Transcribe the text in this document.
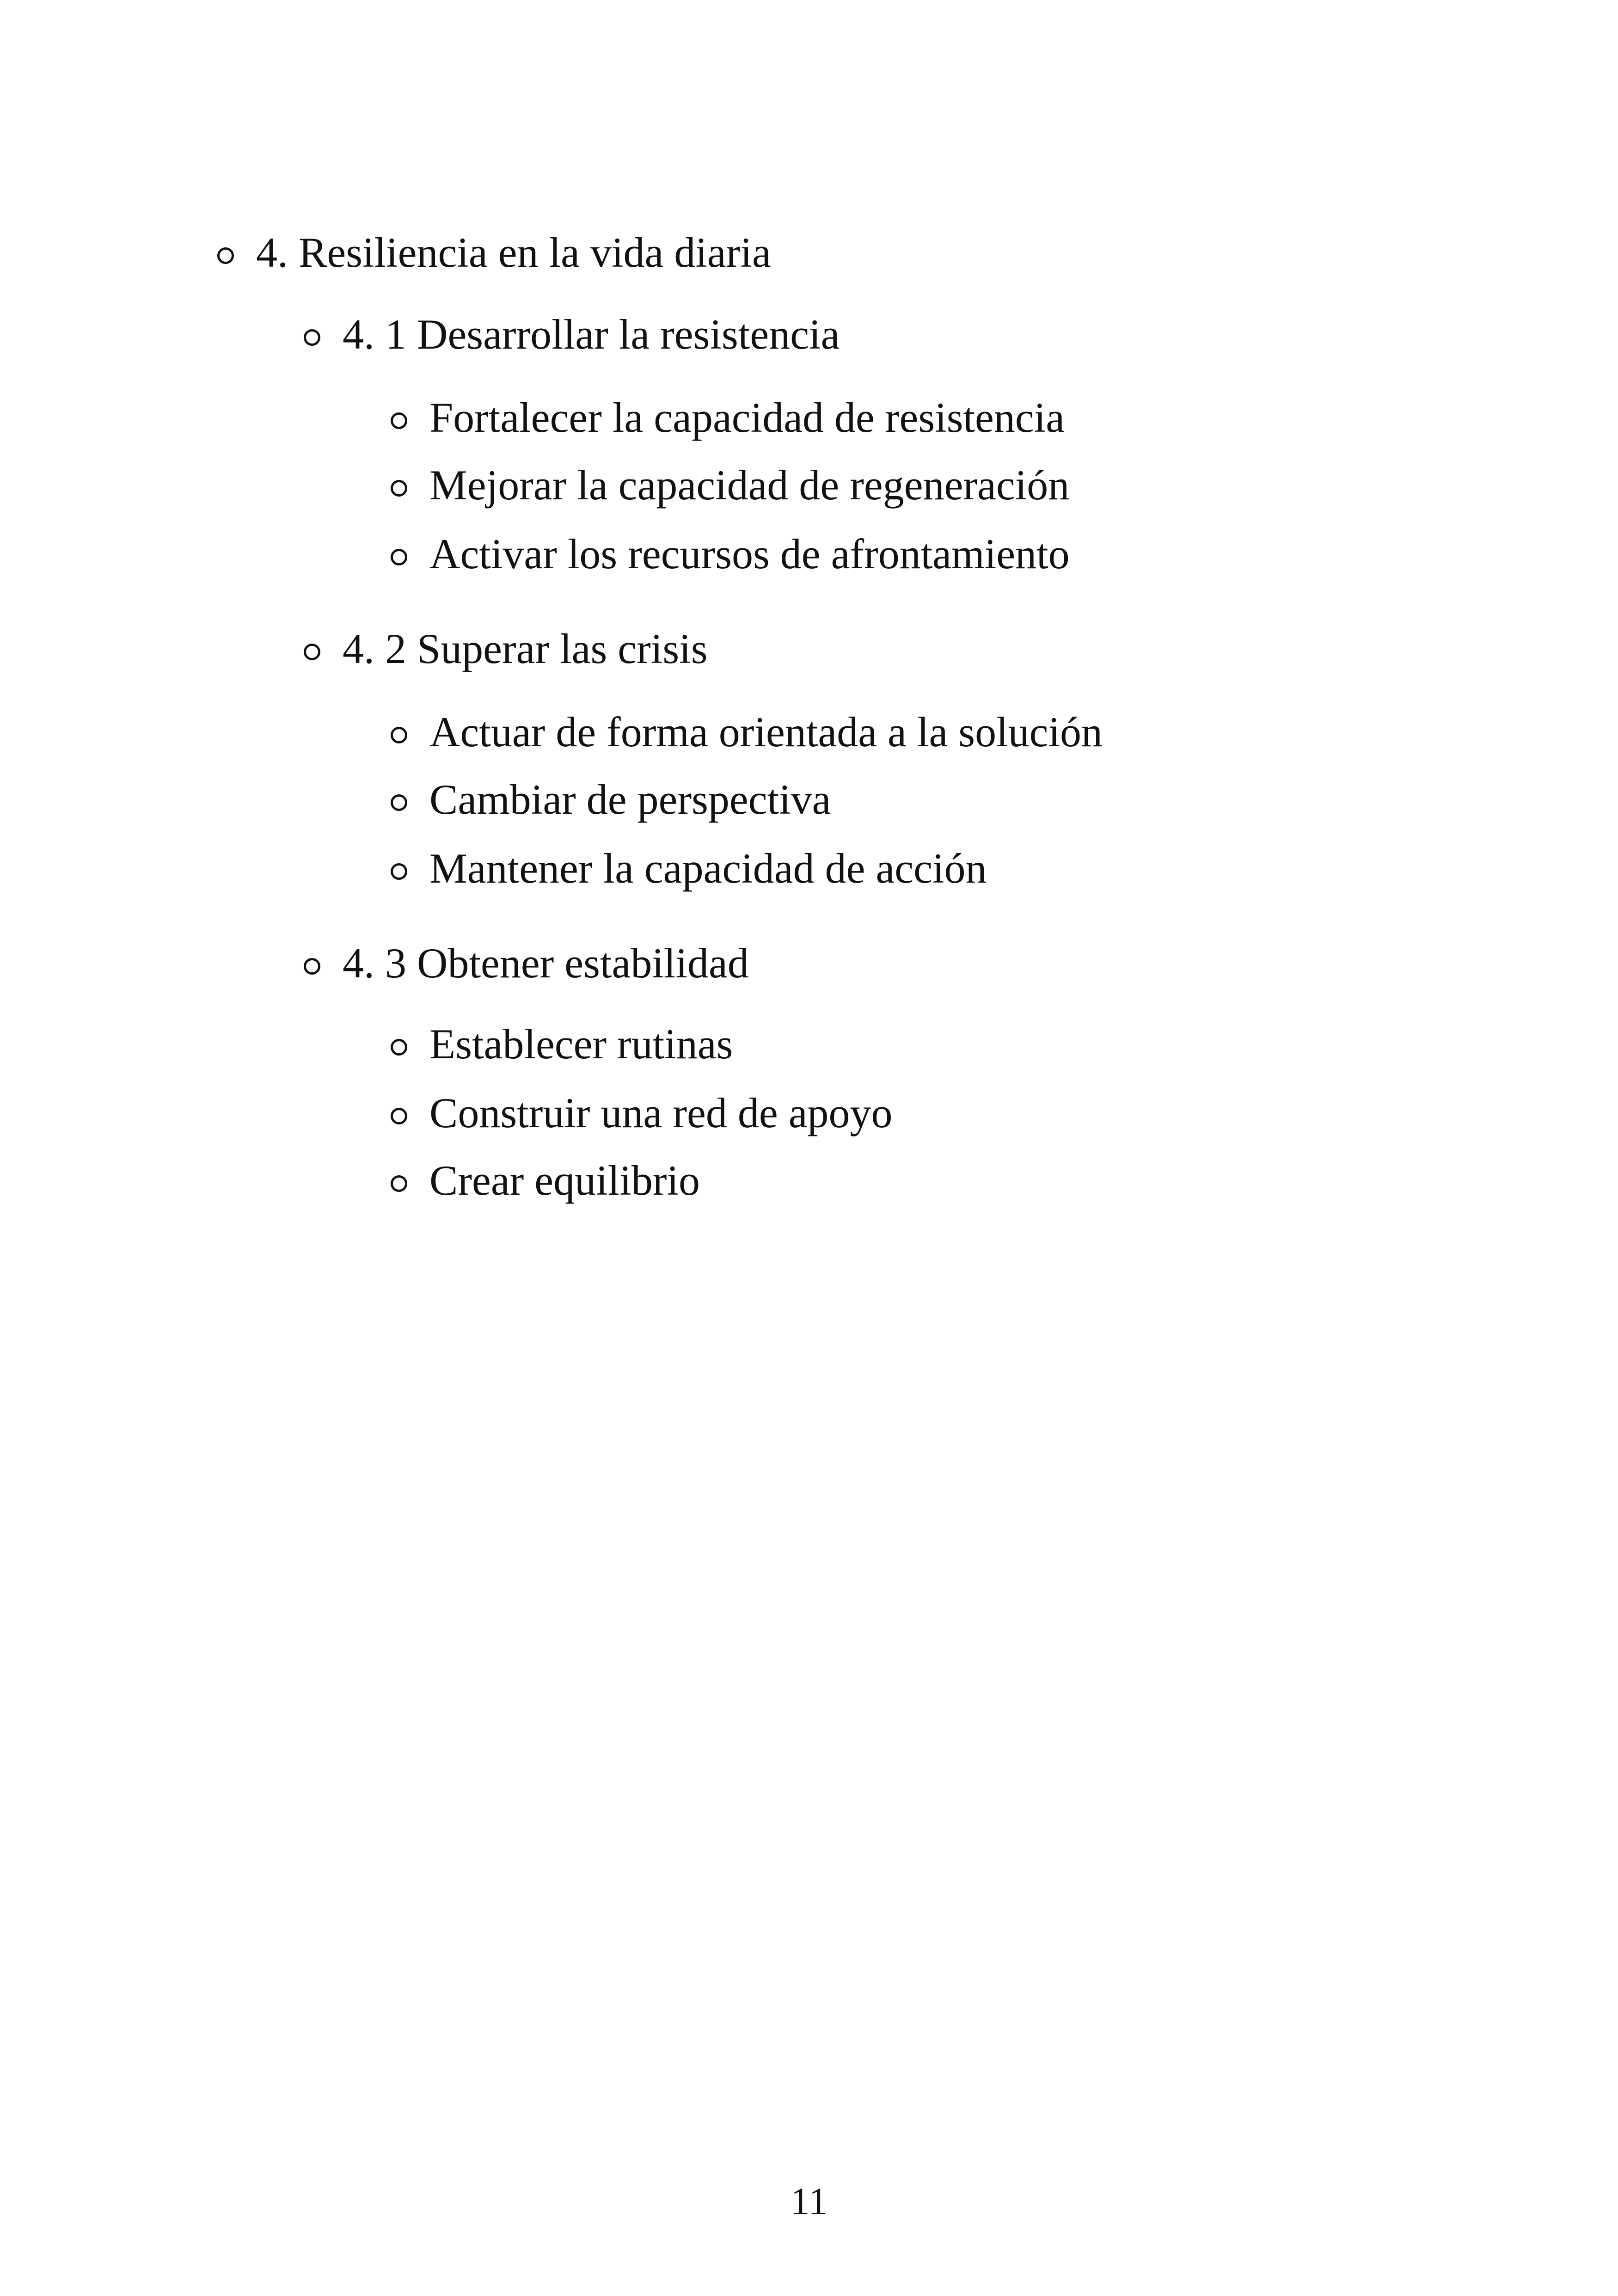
4. Resiliencia en la vida diaria
4. 1 Desarrollar la resistencia
Fortalecer la capacidad de resistencia
Mejorar la capacidad de regeneración
Activar los recursos de afrontamiento
4. 2 Superar las crisis
Actuar de forma orientada a la solución
Cambiar de perspectiva
Mantener la capacidad de acción
4. 3 Obtener estabilidad
Establecer rutinas
Construir una red de apoyo
Crear equilibrio
11
